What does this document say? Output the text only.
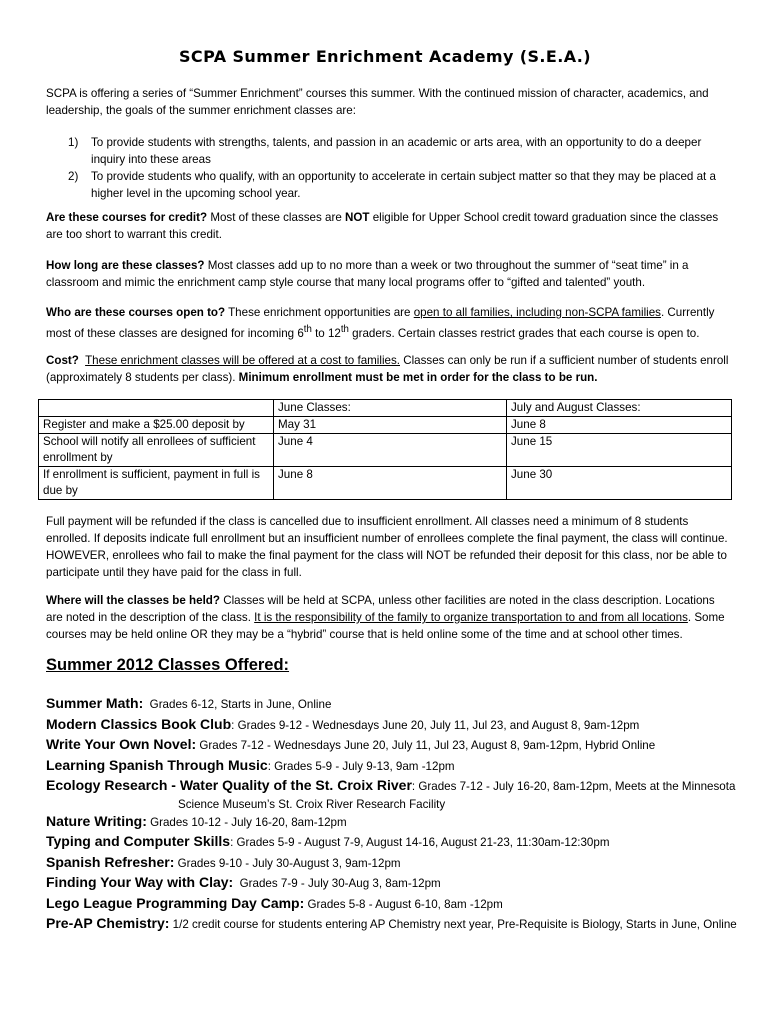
SCPA Summer Enrichment Academy (S.E.A.)

SCPA is offering a series of “Summer Enrichment” courses this summer. With the continued mission of character, academics, and leadership, the goals of the summer enrichment classes are:

1) To provide students with strengths, talents, and passion in an academic or arts area, with an opportunity to do a deeper inquiry into these areas
2) To provide students who qualify, with an opportunity to accelerate in certain subject matter so that they may be placed at a higher level in the upcoming school year.

Are these courses for credit? Most of these classes are NOT eligible for Upper School credit toward graduation since the classes are too short to warrant this credit.

How long are these classes? Most classes add up to no more than a week or two throughout the summer of “seat time” in a classroom and mimic the enrichment camp style course that many local programs offer to “gifted and talented” youth.

Who are these courses open to? These enrichment opportunities are open to all families, including non-SCPA families. Currently most of these classes are designed for incoming 6th to 12th graders. Certain classes restrict grades that each course is open to.

Cost? These enrichment classes will be offered at a cost to families. Classes can only be run if a sufficient number of students enroll (approximately 8 students per class). Minimum enrollment must be met in order for the class to be run.

	June Classes:	July and August Classes:
Register and make a $25.00 deposit by	May 31	June 8
School will notify all enrollees of sufficient enrollment by	June 4	June 15
If enrollment is sufficient, payment in full is due by	June 8	June 30

Full payment will be refunded if the class is cancelled due to insufficient enrollment. All classes need a minimum of 8 students enrolled. If deposits indicate full enrollment but an insufficient number of enrollees complete the final payment, the class will continue. HOWEVER, enrollees who fail to make the final payment for the class will NOT be refunded their deposit for this class, nor be able to participate until they have paid for the class in full.

Where will the classes be held? Classes will be held at SCPA, unless other facilities are noted in the class description. Locations are noted in the description of the class. It is the responsibility of the family to organize transportation to and from all locations. Some courses may be held online OR they may be a “hybrid” course that is held online some of the time and at school other times.

Summer 2012 Classes Offered:
Summer Math:  Grades 6-12, Starts in June, Online
Modern Classics Book Club: Grades 9-12 - Wednesdays June 20, July 11, Jul 23, and August 8, 9am-12pm
Write Your Own Novel: Grades 7-12 - Wednesdays June 20, July 11, Jul 23, August 8, 9am-12pm, Hybrid Online
Learning Spanish Through Music: Grades 5-9 - July 9-13, 9am -12pm
Ecology Research - Water Quality of the St. Croix River: Grades 7-12 - July 16-20, 8am-12pm, Meets at the Minnesota
Science Museum’s St. Croix River Research Facility
Nature Writing: Grades 10-12 - July 16-20, 8am-12pm
Typing and Computer Skills: Grades 5-9 - August 7-9, August 14-16, August 21-23, 11:30am-12:30pm
Spanish Refresher: Grades 9-10 - July 30-August 3, 9am-12pm
Finding Your Way with Clay:  Grades 7-9 - July 30-Aug 3, 8am-12pm
Lego League Programming Day Camp: Grades 5-8 - August 6-10, 8am -12pm
Pre-AP Chemistry: 1/2 credit course for students entering AP Chemistry next year, Pre-Requisite is Biology, Starts in June, Online
